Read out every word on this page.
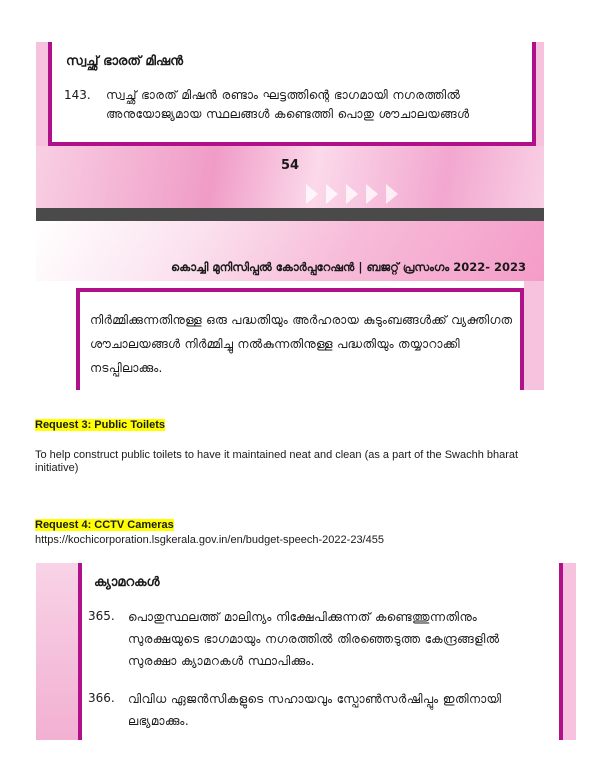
സ്വച്ഛ് ഭാരത് മിഷൻ
143. സ്വച്ഛ് ഭാരത് മിഷൻ രണ്ടാം ഘട്ടത്തിന്റെ ഭാഗമായി നഗരത്തിൽ അനുയോജ്യമായ സ്ഥലങ്ങൾ കണ്ടെത്തി പൊതു ശൗചാലയങ്ങൾ
54
കൊച്ചി മുനിസിപ്പൽ കോർപ്പറേഷൻ | ബജറ്റ് പ്രസംഗം 2022- 2023
നിർമ്മിക്കുന്നതിനുള്ള ഒരു പദ്ധതിയും അർഹരായ കുടുംബങ്ങൾക്ക് വ്യക്തിഗത ശൗചാലയങ്ങൾ നിർമ്മിച്ചു നൽകുന്നതിനുള്ള പദ്ധതിയും തയ്യാറാക്കി നടപ്പിലാക്കും.
Request 3: Public Toilets
To help construct public toilets to have it maintained neat and clean (as a part of the Swachh bharat initiative)
Request 4: CCTV Cameras
https://kochicorporation.lsgkerala.gov.in/en/budget-speech-2022-23/455
ക്യാമറകൾ
365. പൊതുസ്ഥലത്ത് മാലിന്യം നിക്ഷേപിക്കുന്നത് കണ്ടെത്തുന്നതിനും സുരക്ഷയുടെ ഭാഗമായും നഗരത്തിൽ തിരഞ്ഞെടുത്ത കേന്ദ്രങ്ങളിൽ സുരക്ഷാ ക്യാമറകൾ സ്ഥാപിക്കും.
366. വിവിധ ഏജൻസികളുടെ സഹായവും സ്പോൺസർഷിപ്പും ഇതിനായി ലഭ്യമാക്കും.
